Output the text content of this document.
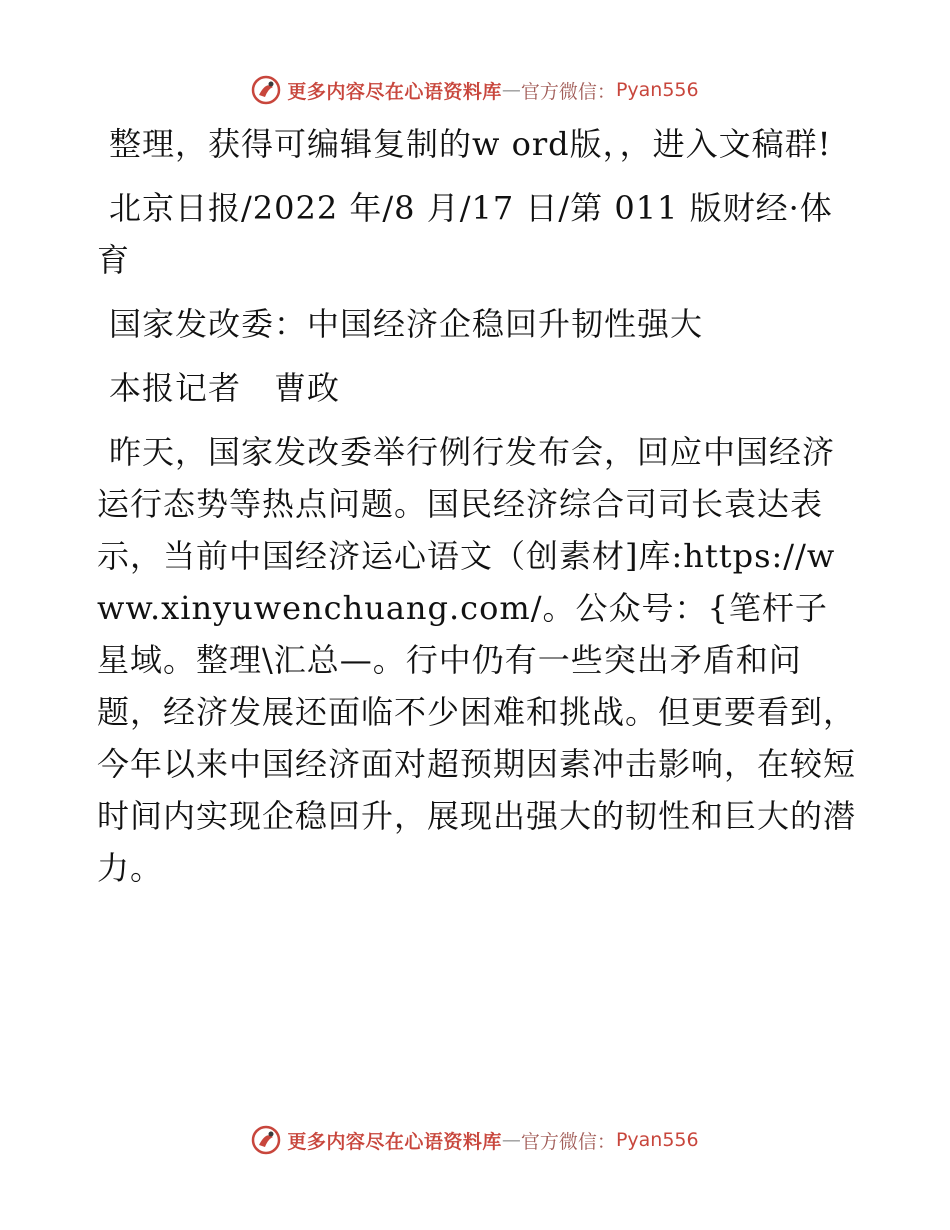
更多内容尽在心语资料库 — 官方微信： Pyan556

整理，获得可编辑复制的w ord版，，进入文稿群!

北京日报/2022 年/8 月/17 日/第 011 版财经·体育

国家发改委：中国经济企稳回升韧性强大

本报记者　曹政

昨天，国家发改委举行例行发布会，回应中国经济运行态势等热点问题。国民经济综合司司长袁达表示，当前中国经济运心语文（创素材]库:https://www.xinyuwenchuang.com/。公众号：{笔杆子星域。整理\汇总—。行中仍有一些突出矛盾和问题，经济发展还面临不少困难和挑战。但更要看到，今年以来中国经济面对超预期因素冲击影响，在较短时间内实现企稳回升，展现出强大的韧性和巨大的潜力。

更多内容尽在心语资料库 — 官方微信： Pyan556
